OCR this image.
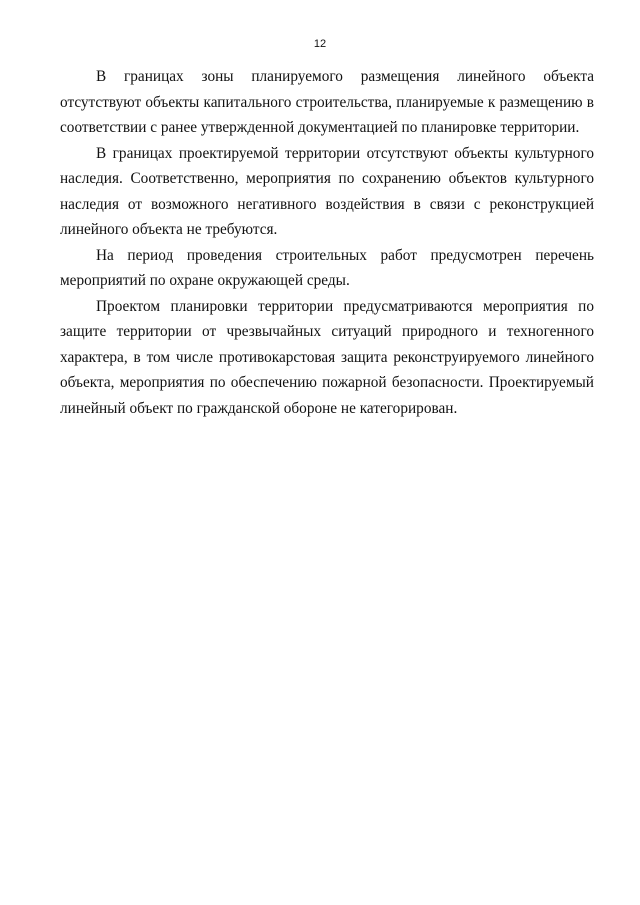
12

В границах зоны планируемого размещения линейного объекта отсутствуют объекты капитального строительства, планируемые к размещению в соответствии с ранее утвержденной документацией по планировке территории.

В границах проектируемой территории отсутствуют объекты культурного наследия. Соответственно, мероприятия по сохранению объектов культурного наследия от возможного негативного воздействия в связи с реконструкцией линейного объекта не требуются.

На период проведения строительных работ предусмотрен перечень мероприятий по охране окружающей среды.

Проектом планировки территории предусматриваются мероприятия по защите территории от чрезвычайных ситуаций природного и техногенного характера, в том числе противокарстовая защита реконструируемого линейного объекта, мероприятия по обеспечению пожарной безопасности. Проектируемый линейный объект по гражданской обороне не категорирован.
